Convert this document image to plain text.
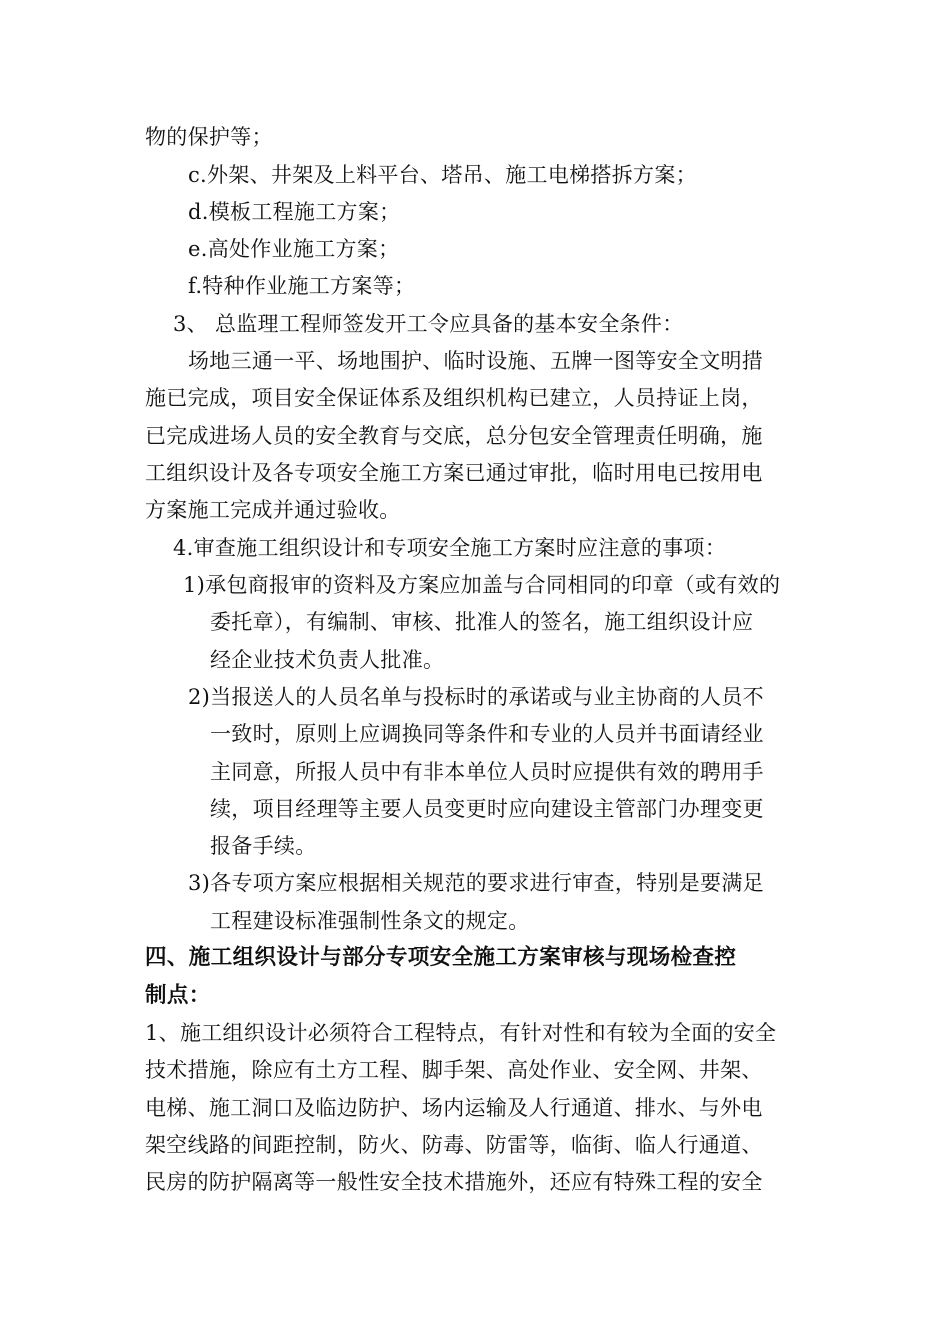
物的保护等；
c.外架、井架及上料平台、塔吊、施工电梯搭拆方案；
d.模板工程施工方案；
e.高处作业施工方案；
f.特种作业施工方案等；
3、 总监理工程师签发开工令应具备的基本安全条件：
场地三通一平、场地围护、临时设施、五牌一图等安全文明措
施已完成，项目安全保证体系及组织机构已建立，人员持证上岗，
已完成进场人员的安全教育与交底，总分包安全管理责任明确，施
工组织设计及各专项安全施工方案已通过审批，临时用电已按用电
方案施工完成并通过验收。
4.审查施工组织设计和专项安全施工方案时应注意的事项：
1)承包商报审的资料及方案应加盖与合同相同的印章（或有效的
委托章），有编制、审核、批准人的签名，施工组织设计应
经企业技术负责人批准。
2)当报送人的人员名单与投标时的承诺或与业主协商的人员不
一致时，原则上应调换同等条件和专业的人员并书面请经业
主同意，所报人员中有非本单位人员时应提供有效的聘用手
续，项目经理等主要人员变更时应向建设主管部门办理变更
报备手续。
3)各专项方案应根据相关规范的要求进行审查，特别是要满足
工程建设标准强制性条文的规定。
四、施工组织设计与部分专项安全施工方案审核与现场检查控
制点：
1、施工组织设计必须符合工程特点，有针对性和有较为全面的安全
技术措施，除应有土方工程、脚手架、高处作业、安全网、井架、
电梯、施工洞口及临边防护、场内运输及人行通道、排水、与外电
架空线路的间距控制，防火、防毒、防雷等，临街、临人行通道、
民房的防护隔离等一般性安全技术措施外，还应有特殊工程的安全
